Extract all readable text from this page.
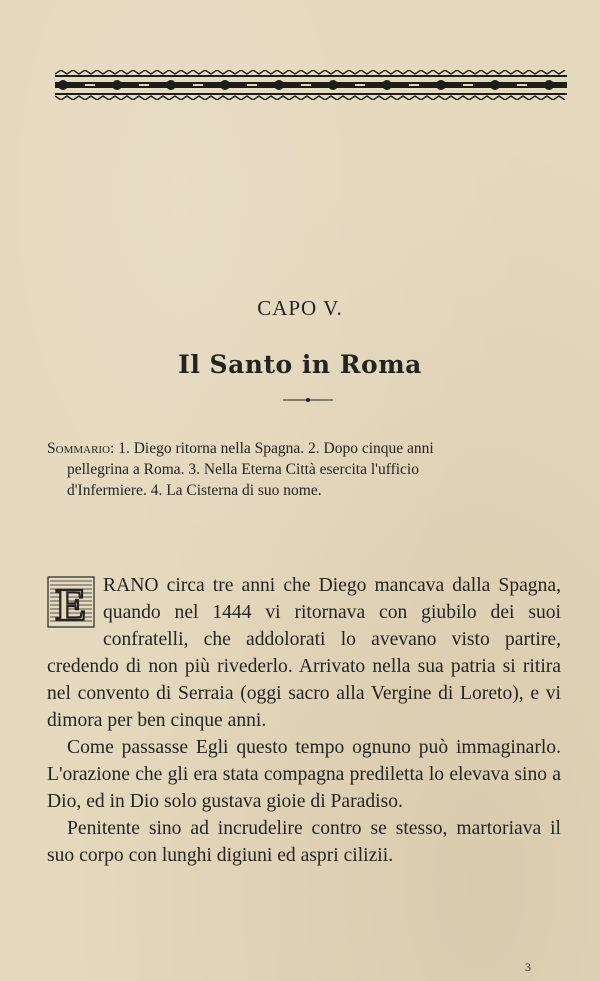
CAPO V.
Il Santo in Roma
Sommario: 1. Diego ritorna nella Spagna. 2. Dopo cinque anni
pellegrina a Roma. 3. Nella Eterna Città esercita l'ufficio
d'Infermiere. 4. La Cisterna di suo nome.

E RANO circa tre anni che Diego mancava dalla Spagna, quando nel 1444 vi ritornava con giubilo dei suoi confratelli, che addolorati lo avevano visto partire, credendo di non più rivederlo. Arrivato nella sua patria si ritira nel convento di Serraia (oggi sacro alla Vergine di Loreto), e vi dimora per ben cinque anni.

Come passasse Egli questo tempo ognuno può immaginarlo. L'orazione che gli era stata compagna prediletta lo elevava sino a Dio, ed in Dio solo gustava gioie di Paradiso.

Penitente sino ad incrudelire contro se stesso, martoriava il suo corpo con lunghi digiuni ed aspri cilizii.

3
